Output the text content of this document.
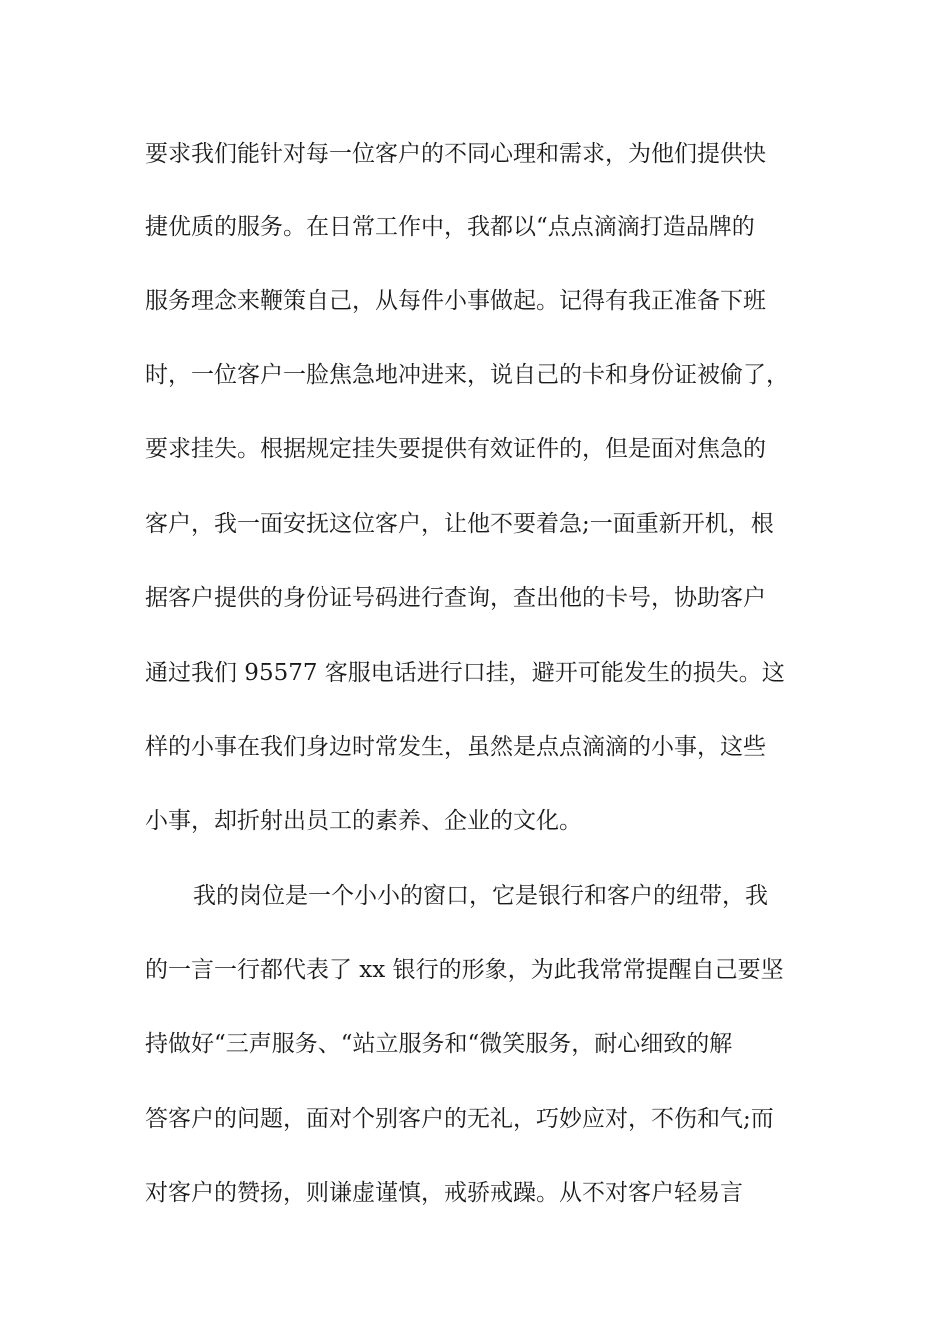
要求我们能针对每一位客户的不同心理和需求，为他们提供快
捷优质的服务。在日常工作中，我都以“点点滴滴打造品牌的
服务理念来鞭策自己，从每件小事做起。记得有我正准备下班
时，一位客户一脸焦急地冲进来，说自己的卡和身份证被偷了，
要求挂失。根据规定挂失要提供有效证件的，但是面对焦急的
客户，我一面安抚这位客户，让他不要着急;一面重新开机，根
据客户提供的身份证号码进行查询，查出他的卡号，协助客户
通过我们 95577 客服电话进行口挂，避开可能发生的损失。这
样的小事在我们身边时常发生，虽然是点点滴滴的小事，这些
小事，却折射出员工的素养、企业的文化。
我的岗位是一个小小的窗口，它是银行和客户的纽带，我
的一言一行都代表了 xx 银行的形象，为此我常常提醒自己要坚
持做好“三声服务、“站立服务和“微笑服务，耐心细致的解
答客户的问题，面对个别客户的无礼，巧妙应对，不伤和气;而
对客户的赞扬，则谦虚谨慎，戒骄戒躁。从不对客户轻易言
